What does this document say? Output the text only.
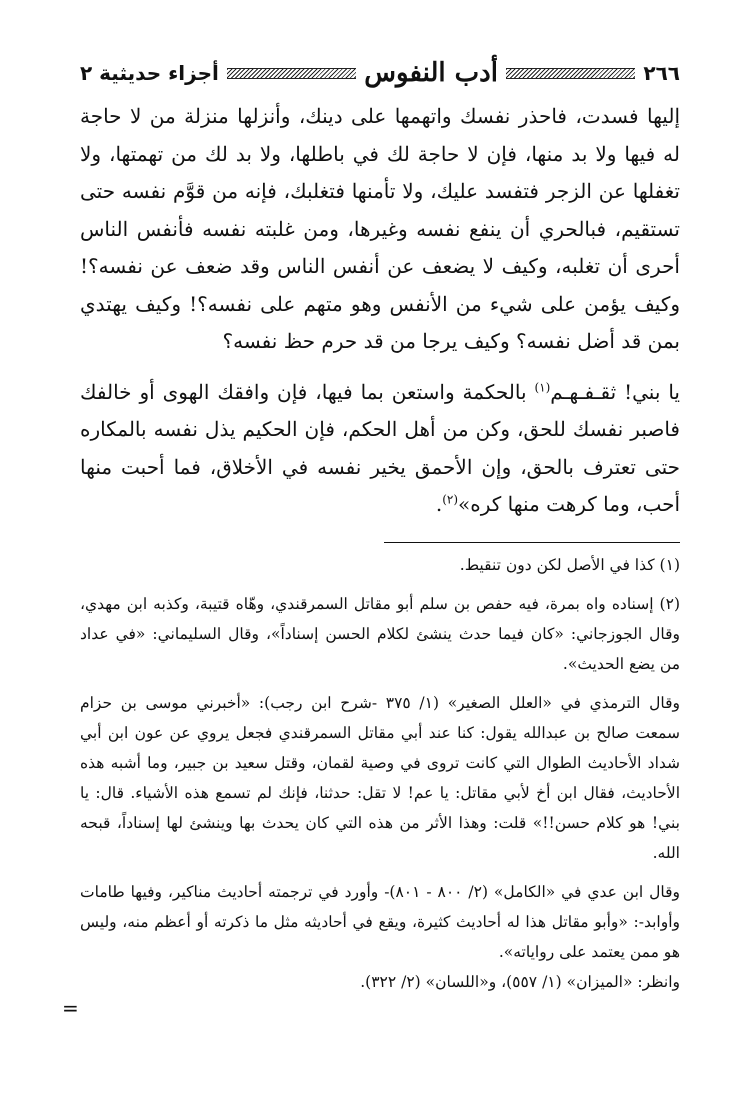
٢٦٦
أدب النفوس
أجزاء حديثية ٢

إليها فسدت، فاحذر نفسك واتهمها على دينك، وأنزلها منزلة من لا حاجة له فيها ولا بد منها، فإن لا حاجة لك في باطلها، ولا بد لك من تهمتها، ولا تغفلها عن الزجر فتفسد عليك، ولا تأمنها فتغلبك، فإنه من قوَّم نفسه حتى تستقيم، فبالحري أن ينفع نفسه وغيرها، ومن غلبته نفسه فأنفس الناس أحرى أن تغلبه، وكيف لا يضعف عن أنفس الناس وقد ضعف عن نفسه؟! وكيف يؤمن على شيء من الأنفس وهو متهم على نفسه؟! وكيف يهتدي بمن قد أضل نفسه؟ وكيف يرجا من قد حرم حظ نفسه؟

يا بني! ثقـفـهـم$^{(١)}$ بالحكمة واستعن بما فيها، فإن وافقك الهوى أو خالفك فاصبر نفسك للحق، وكن من أهل الحكم، فإن الحكيم يذل نفسه بالمكاره حتى تعترف بالحق، وإن الأحمق يخير نفسه في الأخلاق، فما أحبت منها أحب، وما كرهت منها كره»$^{(٢)}$.

(١) كذا في الأصل لكن دون تنقيط.

(٢) إسناده واه بمرة، فيه حفص بن سلم أبو مقاتل السمرقندي، وهّاه قتيبة، وكذبه ابن مهدي، وقال الجوزجاني: «كان فيما حدث ينشئ لكلام الحسن إسناداً»، وقال السليماني: «في عداد من يضع الحديث».

وقال الترمذي في «العلل الصغير» (١/ ٣٧٥ -شرح ابن رجب): «أخبرني موسى بن حزام سمعت صالح بن عبدالله يقول: كنا عند أبي مقاتل السمرقندي فجعل يروي عن عون ابن أبي شداد الأحاديث الطوال التي كانت تروى في وصية لقمان، وقتل سعيد بن جبير، وما أشبه هذه الأحاديث، فقال ابن أخ لأبي مقاتل: يا عم! لا تقل: حدثنا، فإنك لم تسمع هذه الأشياء. قال: يا بني! هو كلام حسن!!» قلت: وهذا الأثر من هذه التي كان يحدث بها وينشئ لها إسناداً، قبحه الله.

وقال ابن عدي في «الكامل» (٢/ ٨٠٠ - ٨٠١)- وأورد في ترجمته أحاديث مناكير، وفيها طامات وأوابد-: «وأبو مقاتل هذا له أحاديث كثيرة، ويقع في أحاديثه مثل ما ذكرته أو أعظم منه، وليس هو ممن يعتمد على رواياته».

وانظر: «الميزان» (١/ ٥٥٧)، و«اللسان» (٢/ ٣٢٢).

=
